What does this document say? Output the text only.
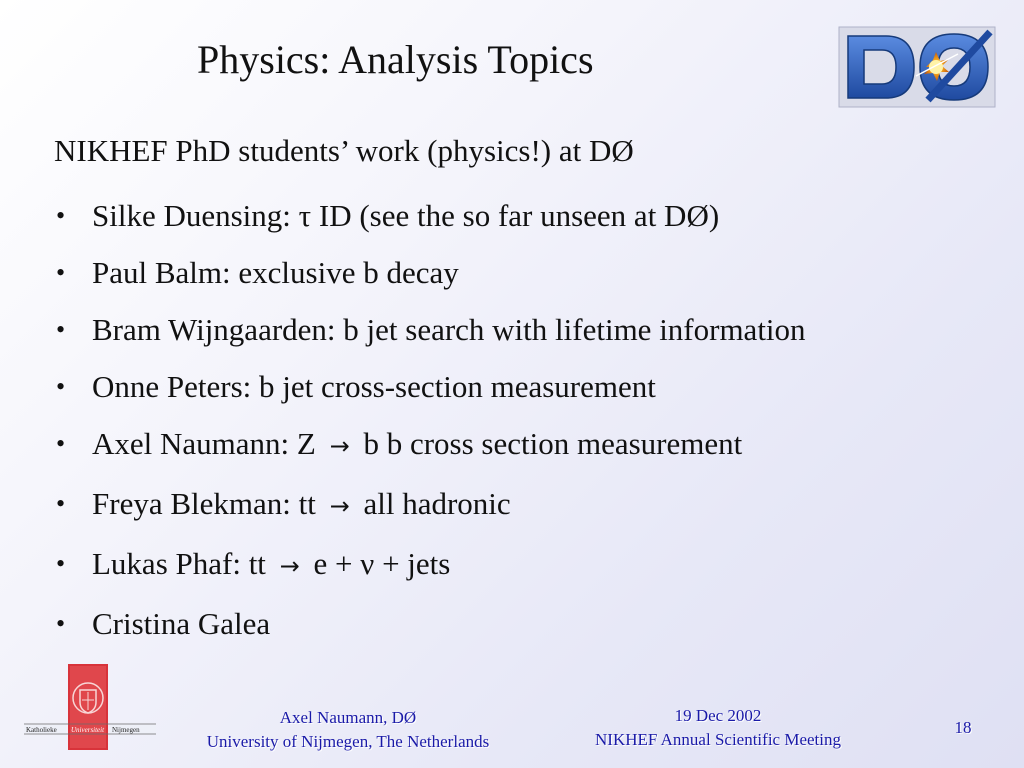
Physics: Analysis Topics
NIKHEF PhD students’ work (physics!) at DØ
• Silke Duensing: τ ID (see the so far unseen at DØ)
• Paul Balm: exclusive b decay
• Bram Wijngaarden: b jet search with lifetime information
• Onne Peters: b jet cross‑section measurement
• Axel Naumann: Z → b b cross section measurement
• Freya Blekman: tt → all hadronic
• Lukas Phaf: tt → e + ν + jets
• Cristina Galea
Katholieke Universiteit Nijmegen
Axel Naumann, DØ
University of Nijmegen, The Netherlands
19 Dec 2002
NIKHEF Annual Scientific Meeting
18
